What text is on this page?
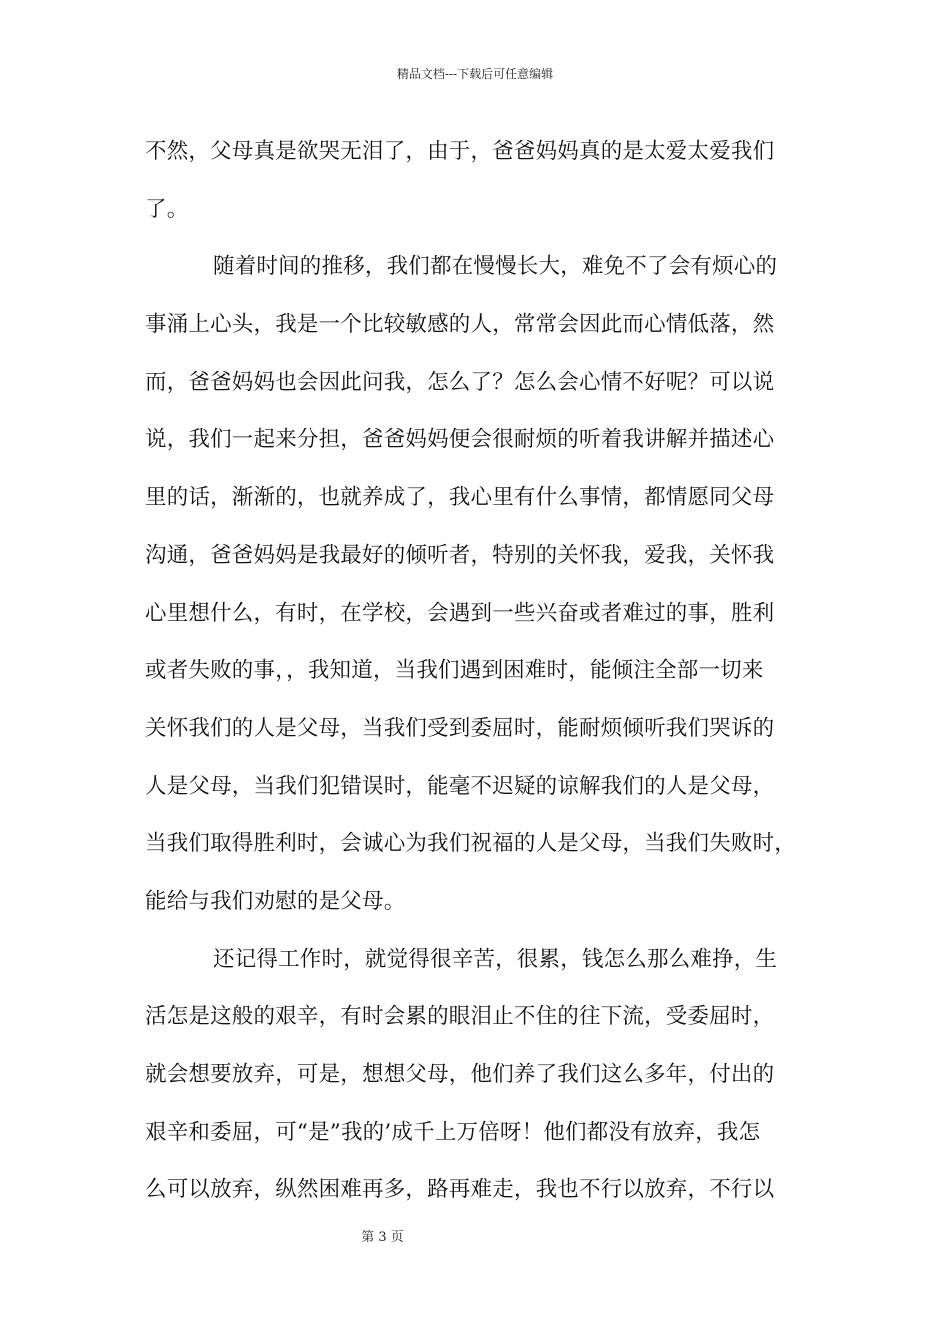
精品文档---下载后可任意编辑
不然，父母真是欲哭无泪了，由于，爸爸妈妈真的是太爱太爱我们
了。
随着时间的推移，我们都在慢慢长大，难免不了会有烦心的
事涌上心头，我是一个比较敏感的人，常常会因此而心情低落，然
而，爸爸妈妈也会因此问我，怎么了？怎么会心情不好呢？可以说
说，我们一起来分担，爸爸妈妈便会很耐烦的听着我讲解并描述心
里的话，渐渐的，也就养成了，我心里有什么事情，都情愿同父母
沟通，爸爸妈妈是我最好的倾听者，特别的关怀我，爱我，关怀我
心里想什么，有时，在学校，会遇到一些兴奋或者难过的事，胜利
或者失败的事，，我知道，当我们遇到困难时，能倾注全部一切来
关怀我们的人是父母，当我们受到委屈时，能耐烦倾听我们哭诉的
人是父母，当我们犯错误时，能毫不迟疑的谅解我们的人是父母，
当我们取得胜利时，会诚心为我们祝福的人是父母，当我们失败时，
能给与我们劝慰的是父母。
还记得工作时，就觉得很辛苦，很累，钱怎么那么难挣，生
活怎是这般的艰辛，有时会累的眼泪止不住的往下流，受委屈时，
就会想要放弃，可是，想想父母，他们养了我们这么多年，付出的
艰辛和委屈，可“是”我的’成千上万倍呀！他们都没有放弃，我怎
么可以放弃，纵然困难再多，路再难走，我也不行以放弃，不行以
第 3 页
